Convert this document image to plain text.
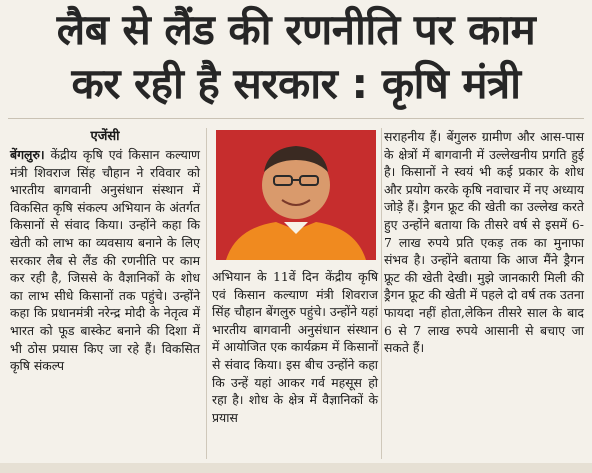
लैब से लैंड की रणनीति पर काम
कर रही है सरकार : कृषि मंत्री
एजेंसी

बेंगलुरु। केंद्रीय कृषि एवं किसान कल्याण मंत्री शिवराज सिंह चौहान ने रविवार को भारतीय बागवानी अनुसंधान संस्थान में विकसित कृषि संकल्प अभियान के अंतर्गत किसानों से संवाद किया। उन्होंने कहा कि खेती को लाभ का व्यवसाय बनाने के लिए सरकार लैब से लैंड की रणनीति पर काम कर रही है, जिससे के वैज्ञानिकों के शोध का लाभ सीधे किसानों तक पहुंचे। उन्होंने कहा कि प्रधानमंत्री नरेन्द्र मोदी के नेतृत्व में भारत को फूड बास्केट बनाने की दिशा में भी ठोस प्रयास किए जा रहे हैं। विकसित कृषि संकल्प

अभियान के 11वें दिन केंद्रीय कृषि एवं किसान कल्याण मंत्री शिवराज सिंह चौहान बेंगलुरु पहुंचे। उन्होंने यहां भारतीय बागवानी अनुसंधान संस्थान में आयोजित एक कार्यक्रम में किसानों से संवाद किया। इस बीच उन्होंने कहा कि उन्हें यहां आकर गर्व महसूस हो रहा है। शोध के क्षेत्र में वैज्ञानिकों के प्रयास

सराहनीय हैं। बेंगुलरु ग्रामीण और आस-पास के क्षेत्रों में बागवानी में उल्लेखनीय प्रगति हुई है। किसानों ने स्वयं भी कई प्रकार के शोध और प्रयोग करके कृषि नवाचार में नए अध्याय जोड़े हैं। ड्रैगन फ्रूट की खेती का उल्लेख करते हुए उन्होंने बताया कि तीसरे वर्ष से इसमें 6-7 लाख रुपये प्रति एकड़ तक का मुनाफा संभव है। उन्होंने बताया कि आज मैंने ड्रैगन फ्रूट की खेती देखी। मुझे जानकारी मिली की ड्रैगन फ्रूट की खेती में पहले दो वर्ष तक उतना फायदा नहीं होता,लेकिन तीसरे साल के बाद 6 से 7 लाख रुपये आसानी से बचाए जा सकते हैं।
